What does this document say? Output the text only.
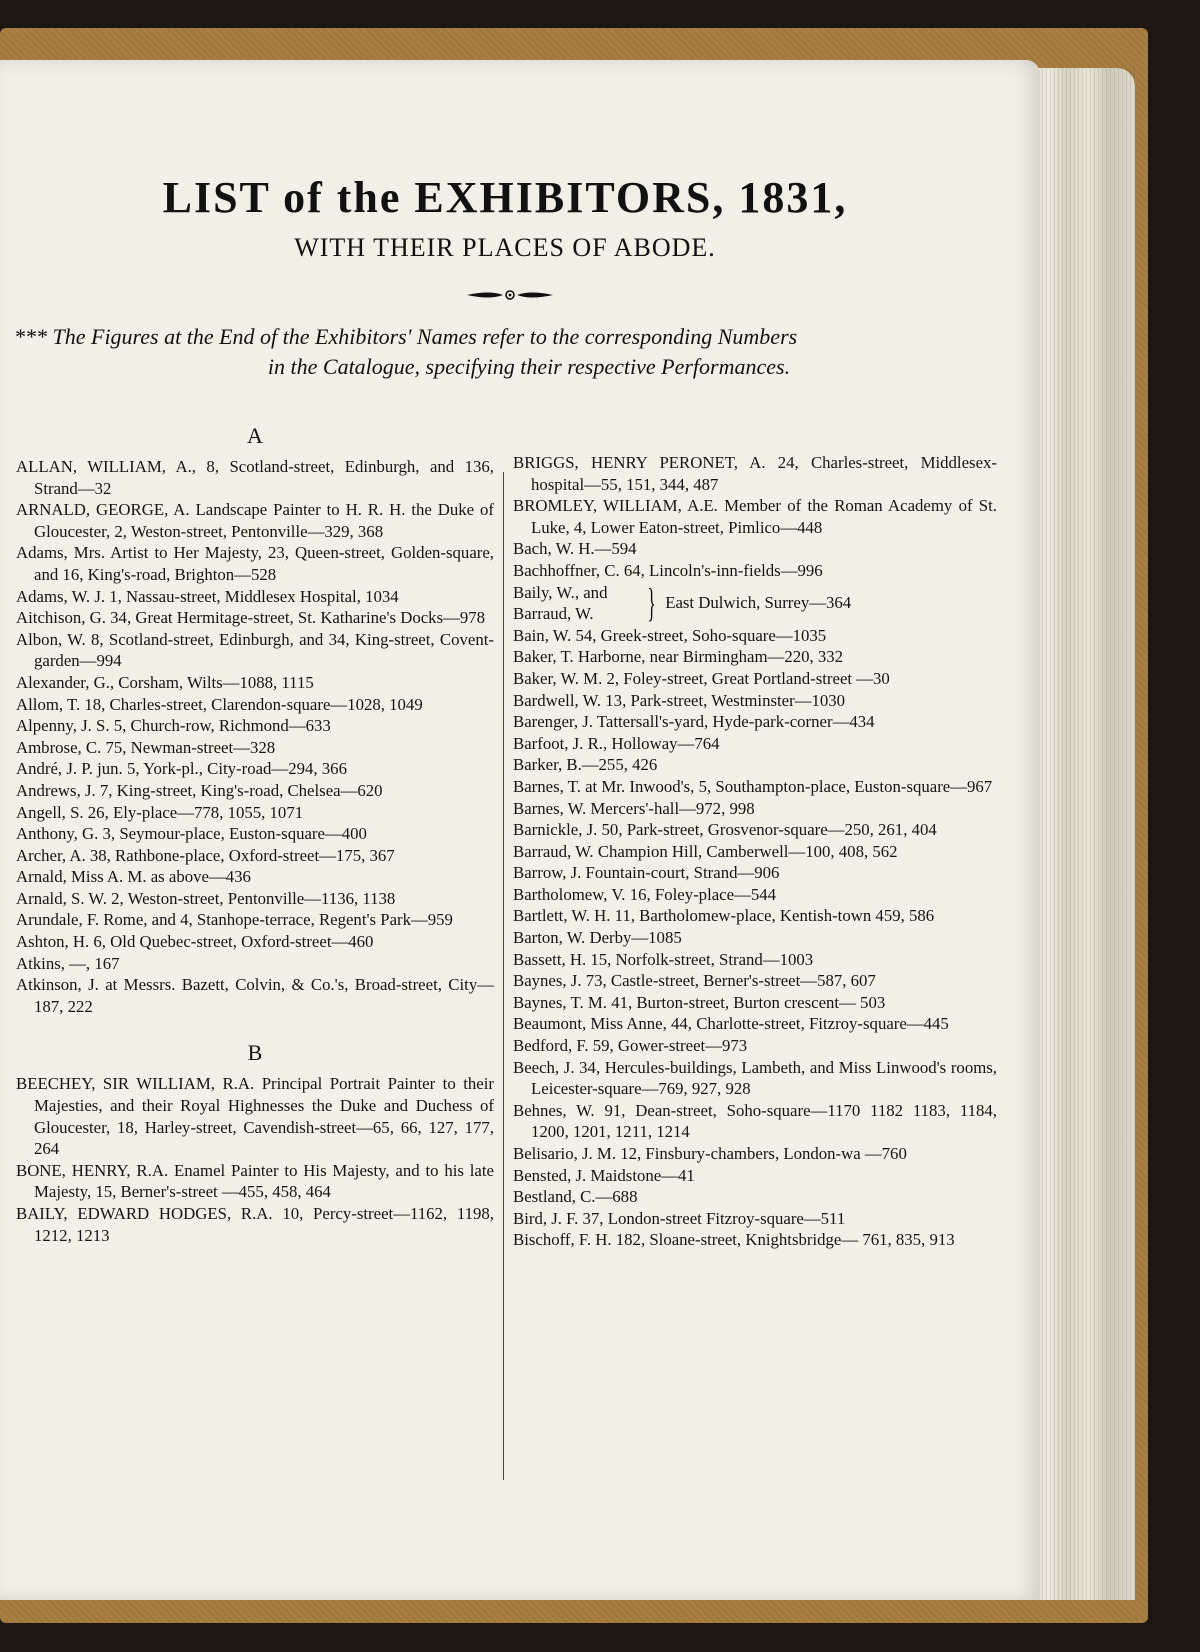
LIST of the EXHIBITORS, 1831,
WITH THEIR PLACES OF ABODE.
*** The Figures at the End of the Exhibitors' Names refer to the corresponding Numbers
in the Catalogue, specifying their respective Performances.
A

ALLAN, WILLIAM, A., 8, Scotland-street, Edinburgh, and 136, Strand—32

ARNALD, GEORGE, A. Landscape Painter to H. R. H. the Duke of Gloucester, 2, Weston-street, Pentonville—329, 368

Adams, Mrs. Artist to Her Majesty, 23, Queen-street, Golden-square, and 16, King's-road, Brighton—528

Adams, W. J. 1, Nassau-street, Middlesex Hospital, 1034

Aitchison, G. 34, Great Hermitage-street, St. Katharine's Docks—978

Albon, W. 8, Scotland-street, Edinburgh, and 34, King-street, Covent-garden—994

Alexander, G., Corsham, Wilts—1088, 1115

Allom, T. 18, Charles-street, Clarendon-square—1028, 1049

Alpenny, J. S. 5, Church-row, Richmond—633

Ambrose, C. 75, Newman-street—328

André, J. P. jun. 5, York-pl., City-road—294, 366

Andrews, J. 7, King-street, King's-road, Chelsea—620

Angell, S. 26, Ely-place—778, 1055, 1071

Anthony, G. 3, Seymour-place, Euston-square—400

Archer, A. 38, Rathbone-place, Oxford-street—175, 367

Arnald, Miss A. M. as above—436

Arnald, S. W. 2, Weston-street, Pentonville—1136, 1138

Arundale, F. Rome, and 4, Stanhope-terrace, Regent's Park—959

Ashton, H. 6, Old Quebec-street, Oxford-street—460

Atkins, —, 167

Atkinson, J. at Messrs. Bazett, Colvin, & Co.'s, Broad-street, City—187, 222

B

BEECHEY, SIR WILLIAM, R.A. Principal Portrait Painter to their Majesties, and their Royal Highnesses the Duke and Duchess of Gloucester, 18, Harley-street, Cavendish-street—65, 66, 127, 177, 264

BONE, HENRY, R.A. Enamel Painter to His Majesty, and to his late Majesty, 15, Berner's-street —455, 458, 464

BAILY, EDWARD HODGES, R.A. 10, Percy-street—1162, 1198, 1212, 1213

BRIGGS, HENRY PERONET, A. 24, Charles-street, Middlesex-hospital—55, 151, 344, 487

BROMLEY, WILLIAM, A.E. Member of the Roman Academy of St. Luke, 4, Lower Eaton-street, Pimlico—448

Bach, W. H.—594

Bachhoffner, C. 64, Lincoln's-inn-fields—996

Baily, W., and
Barraud, W.	} East Dulwich, Surrey—364

Bain, W. 54, Greek-street, Soho-square—1035

Baker, T. Harborne, near Birmingham—220, 332

Baker, W. M. 2, Foley-street, Great Portland-street —30

Bardwell, W. 13, Park-street, Westminster—1030

Barenger, J. Tattersall's-yard, Hyde-park-corner—434

Barfoot, J. R., Holloway—764

Barker, B.—255, 426

Barnes, T. at Mr. Inwood's, 5, Southampton-place, Euston-square—967

Barnes, W. Mercers'-hall—972, 998

Barnickle, J. 50, Park-street, Grosvenor-square—250, 261, 404

Barraud, W. Champion Hill, Camberwell—100, 408, 562

Barrow, J. Fountain-court, Strand—906

Bartholomew, V. 16, Foley-place—544

Bartlett, W. H. 11, Bartholomew-place, Kentish-town 459, 586

Barton, W. Derby—1085

Bassett, H. 15, Norfolk-street, Strand—1003

Baynes, J. 73, Castle-street, Berner's-street—587, 607

Baynes, T. M. 41, Burton-street, Burton crescent— 503

Beaumont, Miss Anne, 44, Charlotte-street, Fitzroy-square—445

Bedford, F. 59, Gower-street—973

Beech, J. 34, Hercules-buildings, Lambeth, and Miss Linwood's rooms, Leicester-square—769, 927, 928

Behnes, W. 91, Dean-street, Soho-square—1170 1182 1183, 1184, 1200, 1201, 1211, 1214

Belisario, J. M. 12, Finsbury-chambers, London-wa —760

Bensted, J. Maidstone—41

Bestland, C.—688

Bird, J. F. 37, London-street Fitzroy-square—511

Bischoff, F. H. 182, Sloane-street, Knightsbridge— 761, 835, 913
